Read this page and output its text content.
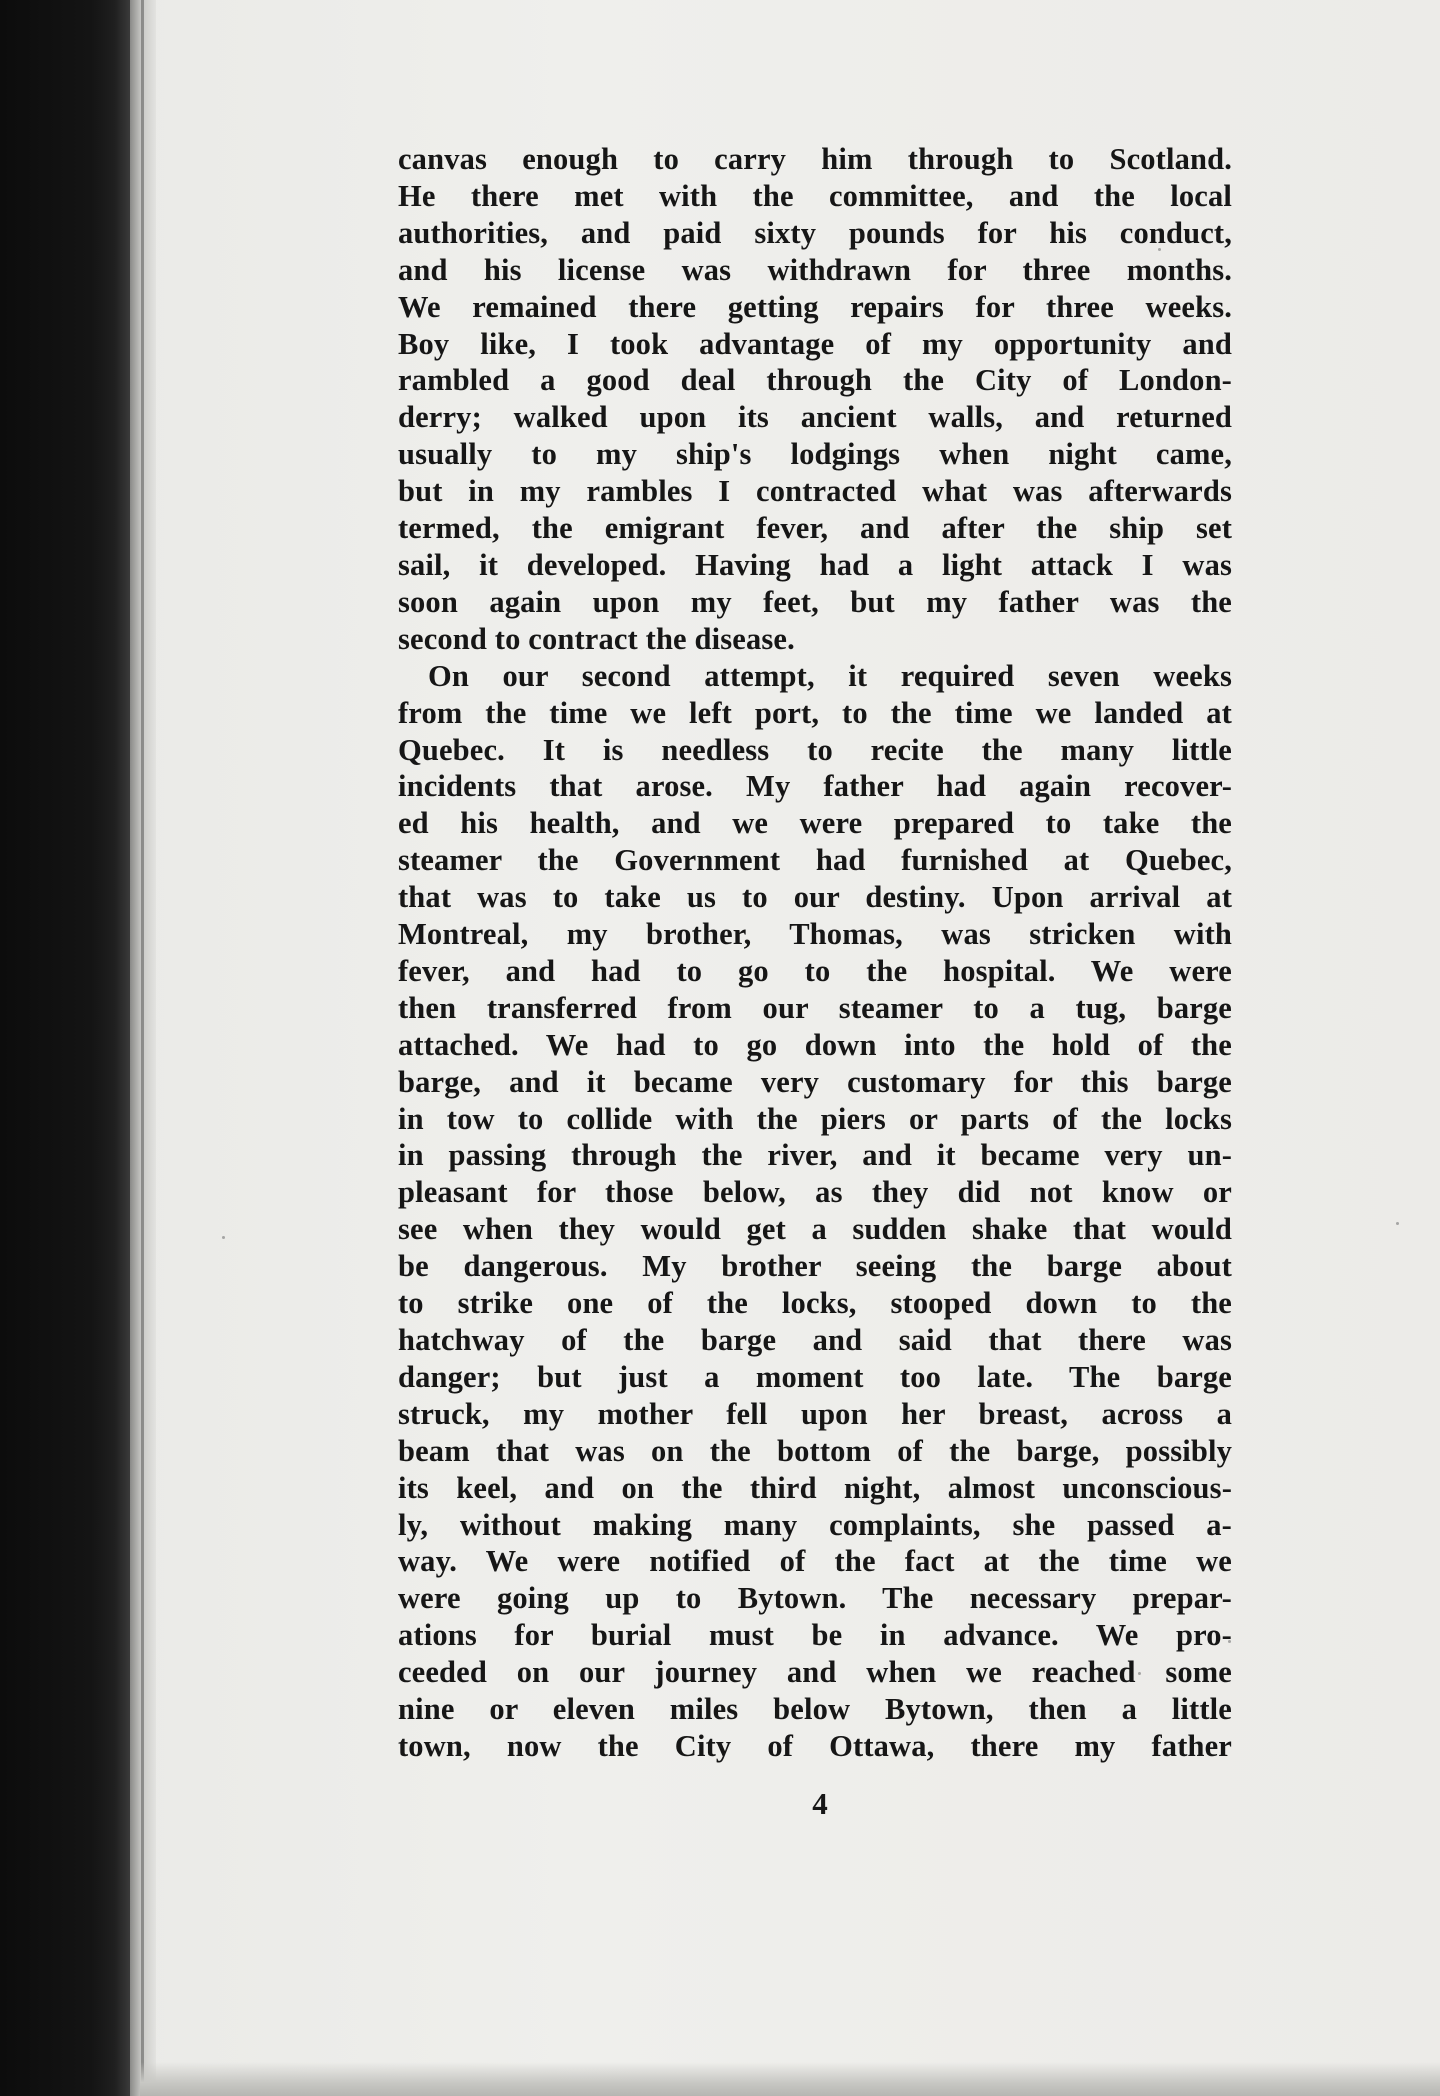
canvas enough to carry him through to Scotland.
He there met with the committee, and the local
authorities, and paid sixty pounds for his conduct,
and his license was withdrawn for three months.
We remained there getting repairs for three weeks.
Boy like, I took advantage of my opportunity and
rambled a good deal through the City of London-
derry; walked upon its ancient walls, and returned
usually to my ship's lodgings when night came,
but in my rambles I contracted what was afterwards
termed, the emigrant fever, and after the ship set
sail, it developed. Having had a light attack I was
soon again upon my feet, but my father was the
second to contract the disease.
On our second attempt, it required seven weeks
from the time we left port, to the time we landed at
Quebec. It is needless to recite the many little
incidents that arose. My father had again recover-
ed his health, and we were prepared to take the
steamer the Government had furnished at Quebec,
that was to take us to our destiny. Upon arrival at
Montreal, my brother, Thomas, was stricken with
fever, and had to go to the hospital. We were
then transferred from our steamer to a tug, barge
attached. We had to go down into the hold of the
barge, and it became very customary for this barge
in tow to collide with the piers or parts of the locks
in passing through the river, and it became very un-
pleasant for those below, as they did not know or
see when they would get a sudden shake that would
be dangerous. My brother seeing the barge about
to strike one of the locks, stooped down to the
hatchway of the barge and said that there was
danger; but just a moment too late. The barge
struck, my mother fell upon her breast, across a
beam that was on the bottom of the barge, possibly
its keel, and on the third night, almost unconscious-
ly, without making many complaints, she passed a-
way. We were notified of the fact at the time we
were going up to Bytown. The necessary prepar-
ations for burial must be in advance. We pro-
ceeded on our journey and when we reached some
nine or eleven miles below Bytown, then a little
town, now the City of Ottawa, there my father
4
